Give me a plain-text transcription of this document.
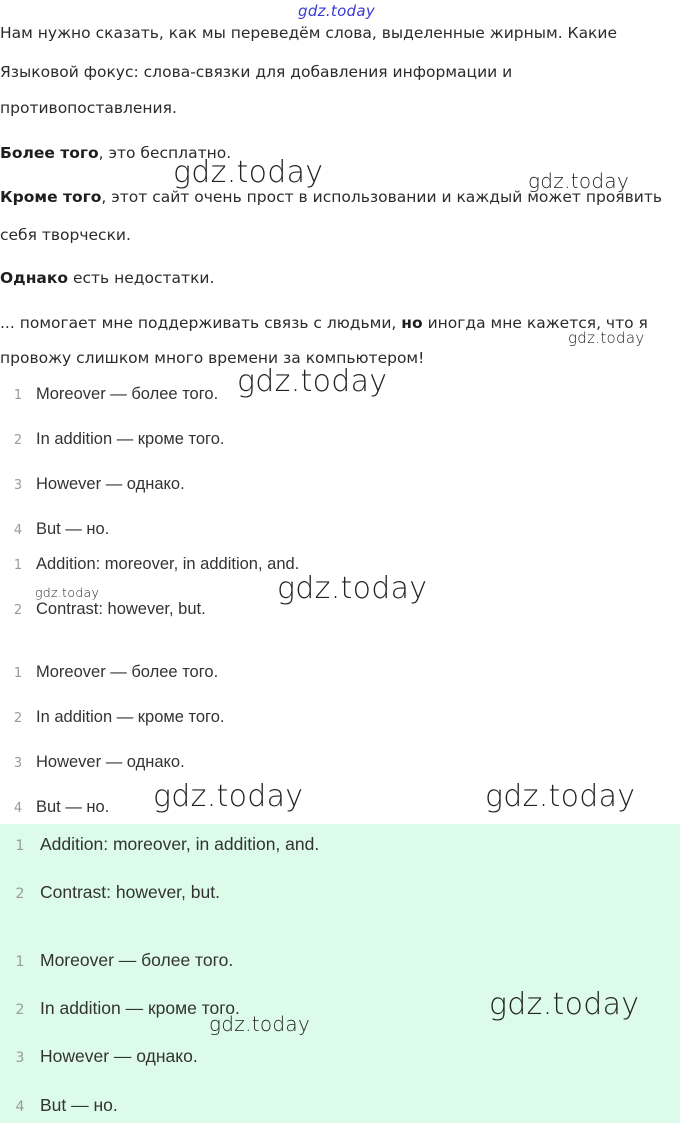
gdz.today

Нам нужно сказать, как мы переведём слова, выделенные жирным. Какие

Языковой фокус: слова-связки для добавления информации и

противопоставления.

Более того, это бесплатно.

Кроме того, этот сайт очень прост в использовании и каждый может проявить

себя творчески.

Однако есть недостатки.

... помогает мне поддерживать связь с людьми, но иногда мне кажется, что я

провожу слишком много времени за компьютером!

1 Moreover — более того.
2 In addition — кроме того.
3 However — однако.
4 But — но.
1 Addition: moreover, in addition, and.
2 Contrast: however, but.
1 Moreover — более того.
2 In addition — кроме того.
3 However — однако.
4 But — но.
1 Addition: moreover, in addition, and.
2 Contrast: however, but.
1 Moreover — более того.
2 In addition — кроме того.
3 However — однако.
4 But — но.
gdz.today	gdz.today
gdz.today
gdz.today
gdz.today	gdz.today
gdz.today	gdz.today
gdz.today
gdz.today
